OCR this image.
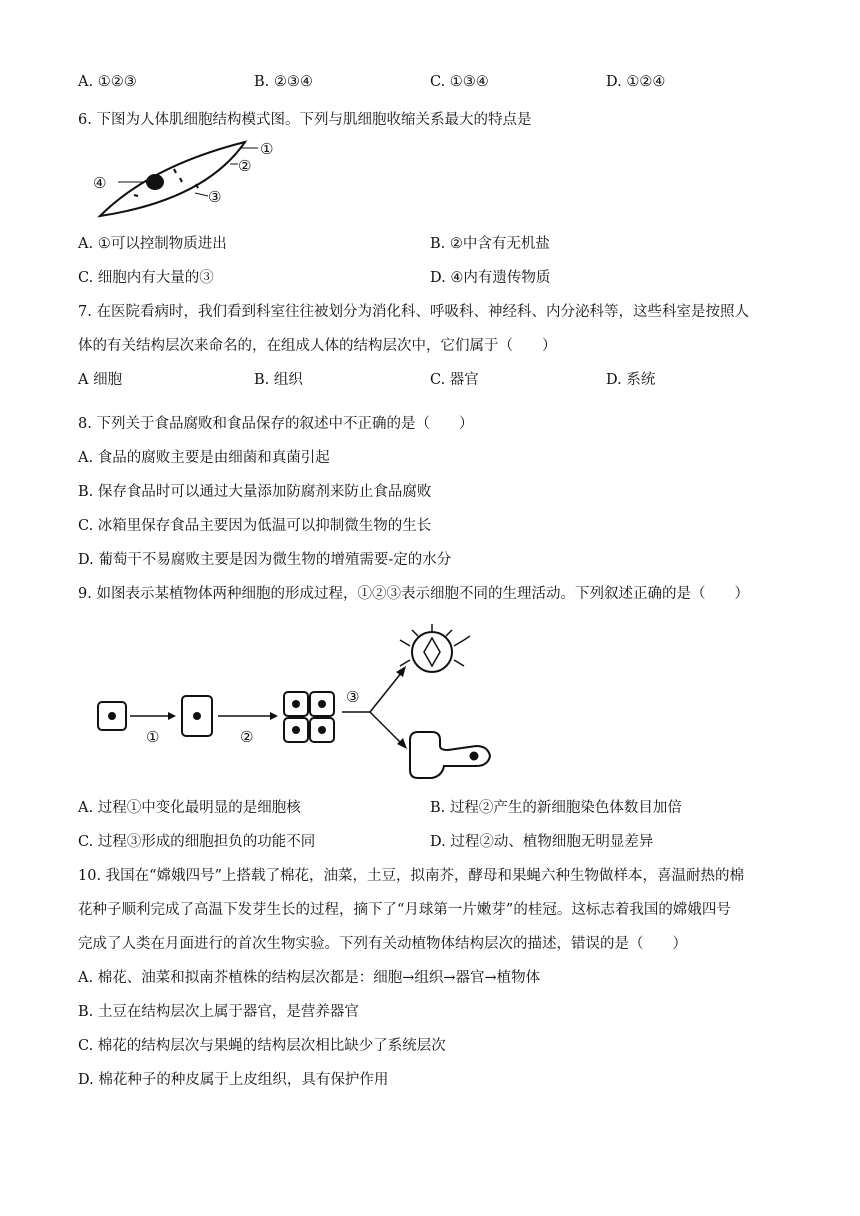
A. ①②③	B. ②③④	C. ①③④	D. ①②④
6. 下图为人体肌细胞结构模式图。下列与肌细胞收缩关系最大的特点是
①
②
③
④
A. ①可以控制物质进出	B. ②中含有无机盐
C. 细胞内有大量的③	D. ④内有遗传物质
7. 在医院看病时，我们看到科室往往被划分为消化科、呼吸科、神经科、内分泌科等，这些科室是按照人
体的有关结构层次来命名的，在组成人体的结构层次中，它们属于（　　）
A 细胞	B. 组织	C. 器官	D. 系统
8. 下列关于食品腐败和食品保存的叙述中不正确的是（　　）
A. 食品的腐败主要是由细菌和真菌引起
B. 保存食品时可以通过大量添加防腐剂来防止食品腐败
C. 冰箱里保存食品主要因为低温可以抑制微生物的生长
D. 葡萄干不易腐败主要是因为微生物的增殖需要-定的水分
9. 如图表示某植物体两种细胞的形成过程，①②③表示细胞不同的生理活动。下列叙述正确的是（　　）
①	②
③
A. 过程①中变化最明显的是细胞核	B. 过程②产生的新细胞染色体数目加倍
C. 过程③形成的细胞担负的功能不同	D. 过程②动、植物细胞无明显差异
10. 我国在“嫦娥四号”上搭载了棉花，油菜，土豆，拟南芥，酵母和果蝇六种生物做样本，喜温耐热的棉
花种子顺利完成了高温下发芽生长的过程，摘下了“月球第一片嫩芽”的桂冠。这标志着我国的嫦娥四号
完成了人类在月面进行的首次生物实验。下列有关动植物体结构层次的描述，错误的是（　　）
A. 棉花、油菜和拟南芥植株的结构层次都是：细胞→组织→器官→植物体
B. 土豆在结构层次上属于器官，是营养器官
C. 棉花的结构层次与果蝇的结构层次相比缺少了系统层次
D. 棉花种子的种皮属于上皮组织，具有保护作用
